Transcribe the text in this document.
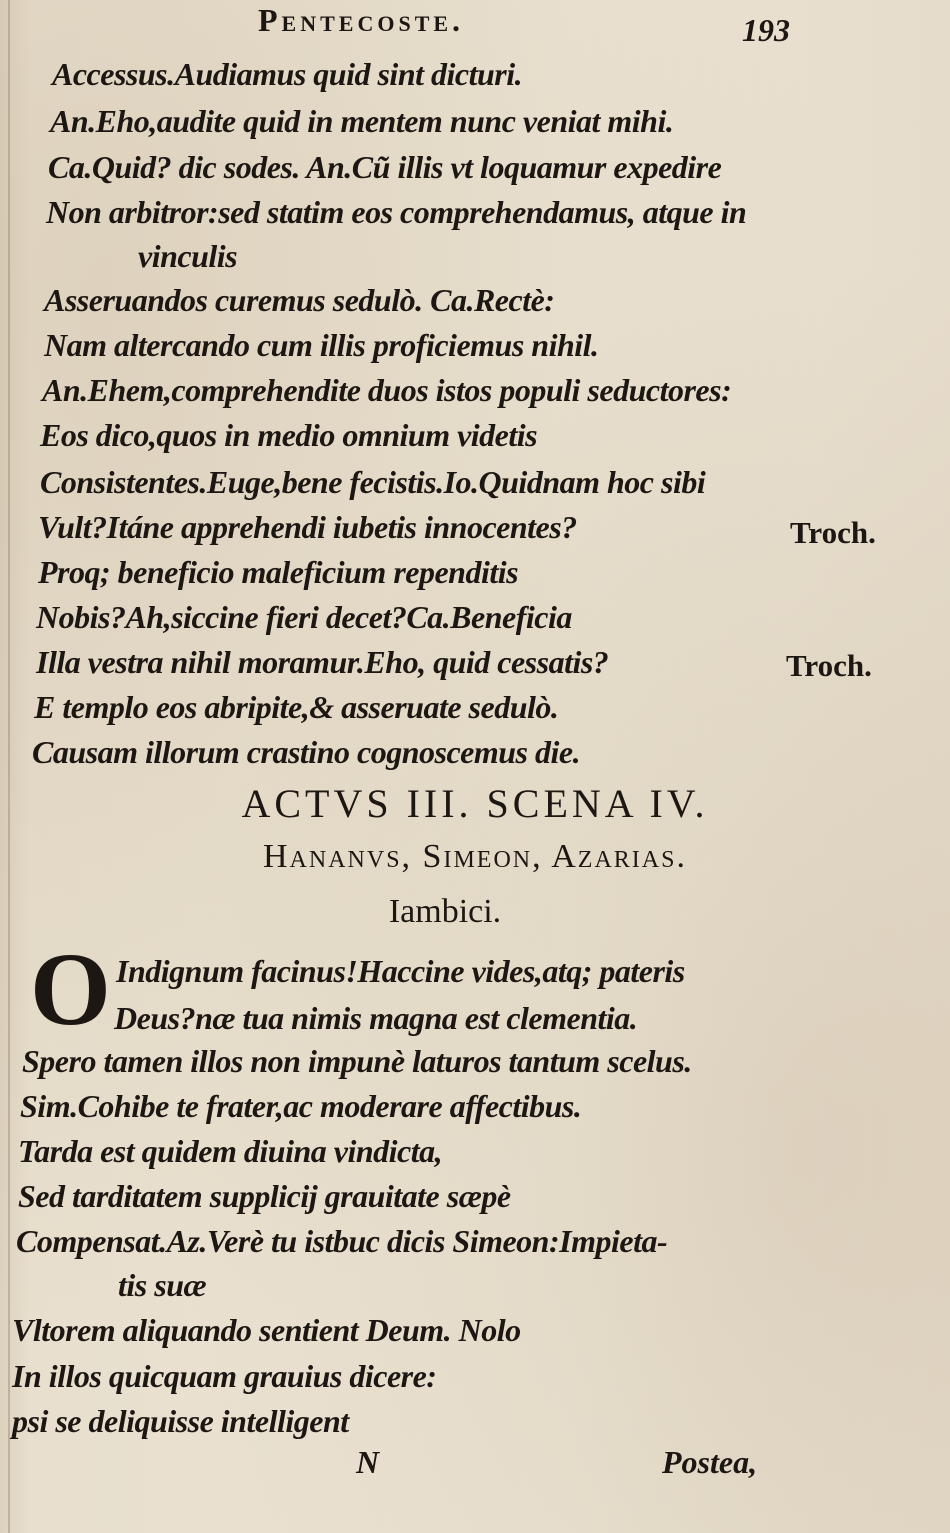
Pentecoste.	193
Accessus.Audiamus quid sint dicturi.
An.Eho,audite quid in mentem nunc veniat mihi.
Ca.Quid? dic sodes. An.Cũ illis vt loquamur expedire
Non arbitror:sed statim eos comprehendamus, atque in
vinculis
Asseruandos curemus sedulò. Ca.Rectè:
Nam altercando cum illis proficiemus nihil.
An.Ehem,comprehendite duos istos populi seductores:
Eos dico,quos in medio omnium videtis
Consistentes.Euge,bene fecistis.Io.Quidnam hoc sibi
Vult?Itáne apprehendi iubetis innocentes?
Proq; beneficio maleficium rependitis
Nobis?Ah,siccine fieri decet?Ca.Beneficia
Illa vestra nihil moramur.Eho, quid cessatis?
E templo eos abripite,& asseruate sedulò.
Causam illorum crastino cognoscemus die.
Troch.
Troch.
ACTVS III. SCENA IV.
Hananvs, Simeon, Azarias.
Iambici.
O Indignum facinus!Haccine vides,atq; pateris
Deus?næ tua nimis magna est clementia.
Spero tamen illos non impunè laturos tantum scelus.
Sim.Cohibe te frater,ac moderare affectibus.
Tarda est quidem diuina vindicta,
Sed tarditatem supplicij grauitate sæpè
Compensat.Az.Verè tu istbuc dicis Simeon:Impieta-
tis suæ
Vltorem aliquando sentient Deum. Nolo
In illos quicquam grauius dicere:
psi se deliquisse intelligent
N	Postea,
